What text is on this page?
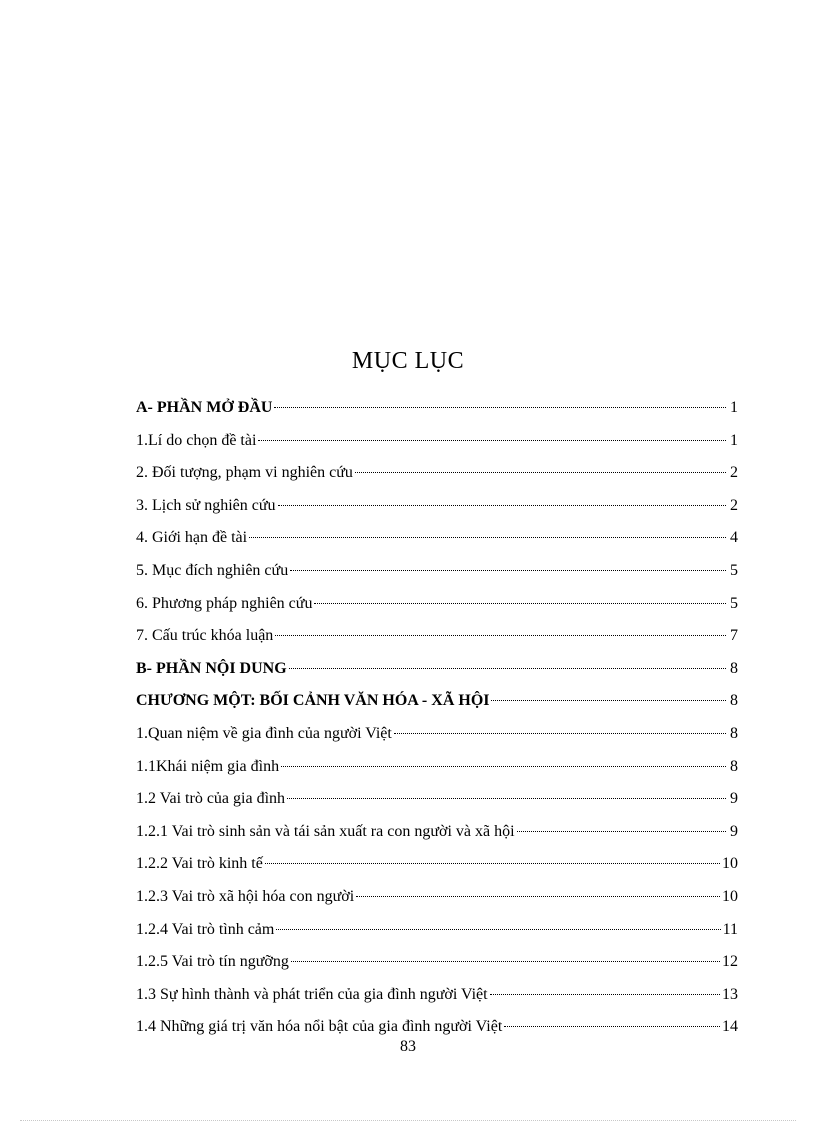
MỤC LỤC
A- PHẦN MỞ ĐẦU	1
1.Lí do chọn đề tài	1
2. Đối tượng, phạm vi nghiên cứu	2
3. Lịch sử nghiên cứu	2
4. Giới hạn đề tài	4
5. Mục đích nghiên cứu	5
6. Phương pháp nghiên cứu	5
7. Cấu trúc khóa luận	7
B- PHẦN NỘI DUNG	8
CHƯƠNG MỘT: BỐI CẢNH VĂN HÓA - XÃ HỘI	8
1.Quan niệm về gia đình của người Việt	8
1.1Khái niệm gia đình	8
1.2 Vai trò của gia đình	9
1.2.1 Vai trò sinh sản và tái sản xuất ra con người và xã hội	9
1.2.2 Vai trò kinh tế	10
1.2.3 Vai trò xã hội hóa con người	10
1.2.4 Vai trò tình cảm	11
1.2.5 Vai trò tín ngưỡng	12
1.3 Sự hình thành và phát triển của gia đình người Việt	13
1.4 Những giá trị văn hóa nổi bật của gia đình người Việt	14
83
